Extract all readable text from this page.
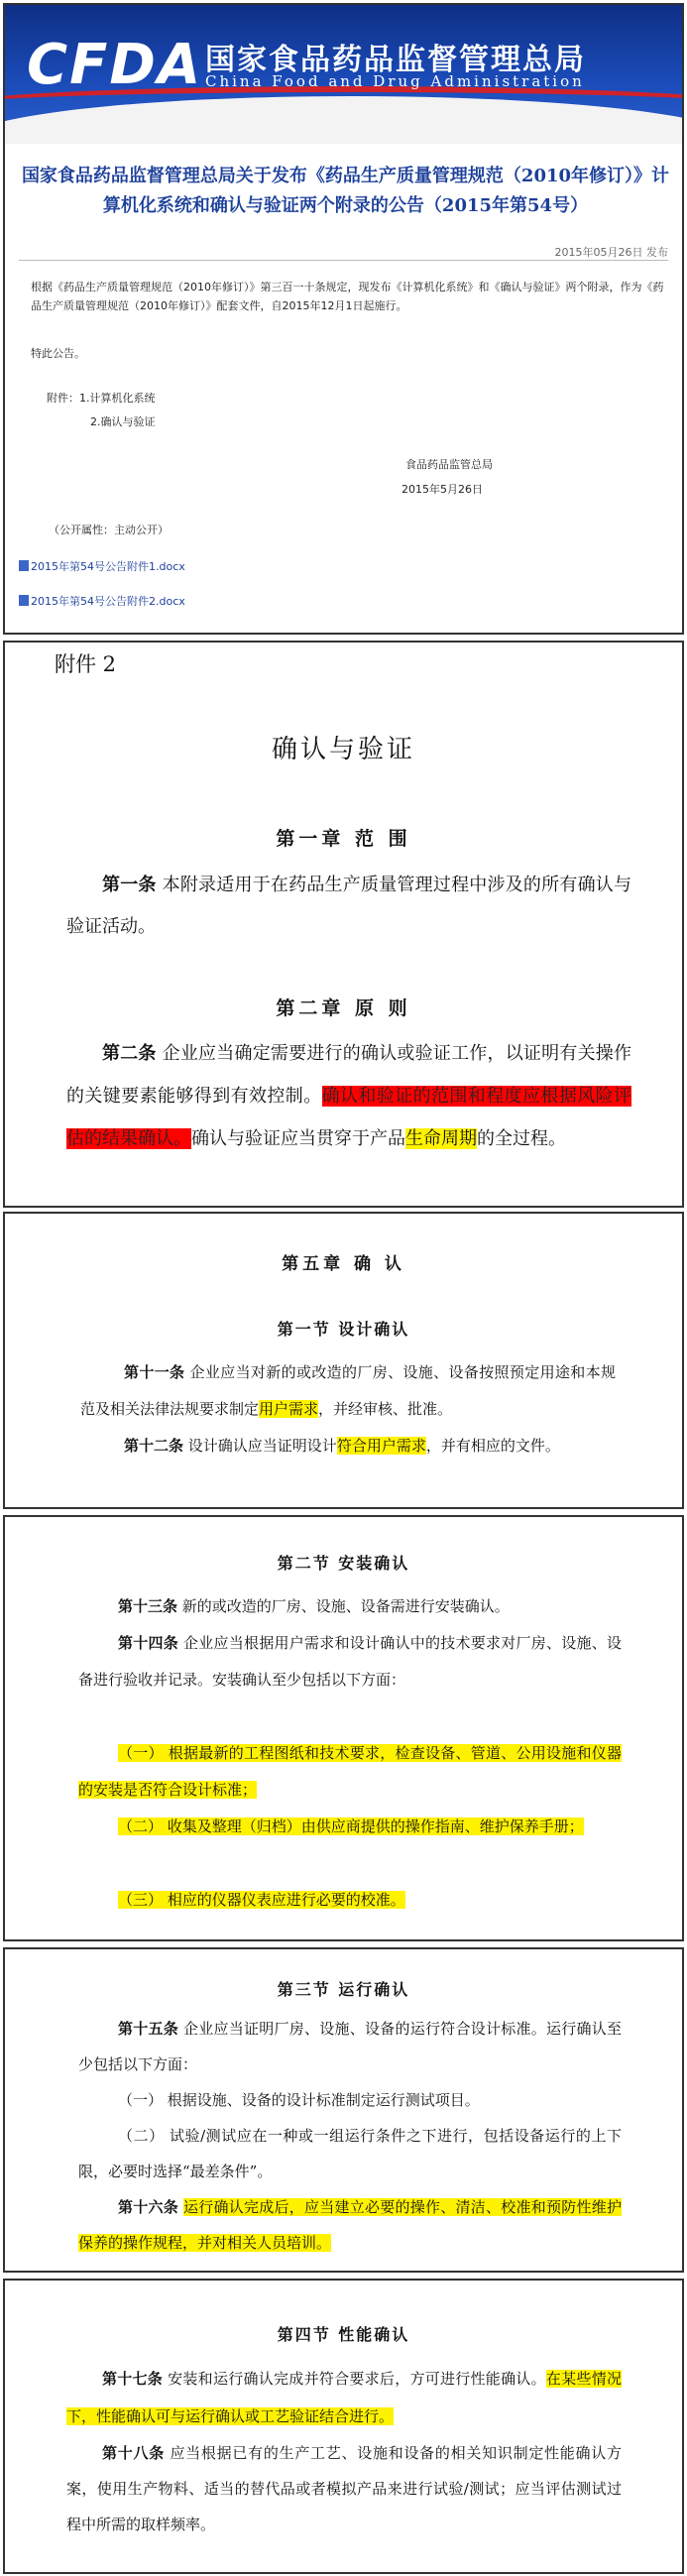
CFDA 国家食品药品监督管理总局
China Food and Drug Administration
国家食品药品监督管理总局关于发布《药品生产质量管理规范（2010年修订）》计算机化系统和确认与验证两个附录的公告（2015年第54号）
2015年05月26日 发布
根据《药品生产质量管理规范（2010年修订）》第三百一十条规定，现发布《计算机化系统》和《确认与验证》两个附录，作为《药品生产质量管理规范（2010年修订）》配套文件，自2015年12月1日起施行。
特此公告。
附件：1.计算机化系统
2.确认与验证
食品药品监管总局
2015年5月26日
（公开属性：主动公开）
2015年第54号公告附件1.docx
2015年第54号公告附件2.docx
附件 2
确认与验证
第一章 范 围
第一条 本附录适用于在药品生产质量管理过程中涉及的所有确认与验证活动。
第二章 原 则
第二条 企业应当确定需要进行的确认或验证工作，以证明有关操作的关键要素能够得到有效控制。确认和验证的范围和程度应根据风险评估的结果确认。确认与验证应当贯穿于产品生命周期的全过程。
第五章 确 认
第一节 设计确认
第十一条 企业应当对新的或改造的厂房、设施、设备按照预定用途和本规范及相关法律法规要求制定用户需求，并经审核、批准。
第十二条 设计确认应当证明设计符合用户需求，并有相应的文件。
第二节 安装确认
第十三条 新的或改造的厂房、设施、设备需进行安装确认。
第十四条 企业应当根据用户需求和设计确认中的技术要求对厂房、设施、设备进行验收并记录。安装确认至少包括以下方面：
（一） 根据最新的工程图纸和技术要求，检查设备、管道、公用设施和仪器的安装是否符合设计标准；
（二） 收集及整理（归档）由供应商提供的操作指南、维护保养手册；
（三） 相应的仪器仪表应进行必要的校准。
第三节 运行确认
第十五条 企业应当证明厂房、设施、设备的运行符合设计标准。运行确认至少包括以下方面：
（一） 根据设施、设备的设计标准制定运行测试项目。
（二） 试验/测试应在一种或一组运行条件之下进行，包括设备运行的上下限，必要时选择“最差条件”。
第十六条 运行确认完成后，应当建立必要的操作、清洁、校准和预防性维护保养的操作规程，并对相关人员培训。
第四节 性能确认
第十七条 安装和运行确认完成并符合要求后，方可进行性能确认。在某些情况下，性能确认可与运行确认或工艺验证结合进行。
第十八条 应当根据已有的生产工艺、设施和设备的相关知识制定性能确认方案，使用生产物料、适当的替代品或者模拟产品来进行试验/测试；应当评估测试过程中所需的取样频率。
